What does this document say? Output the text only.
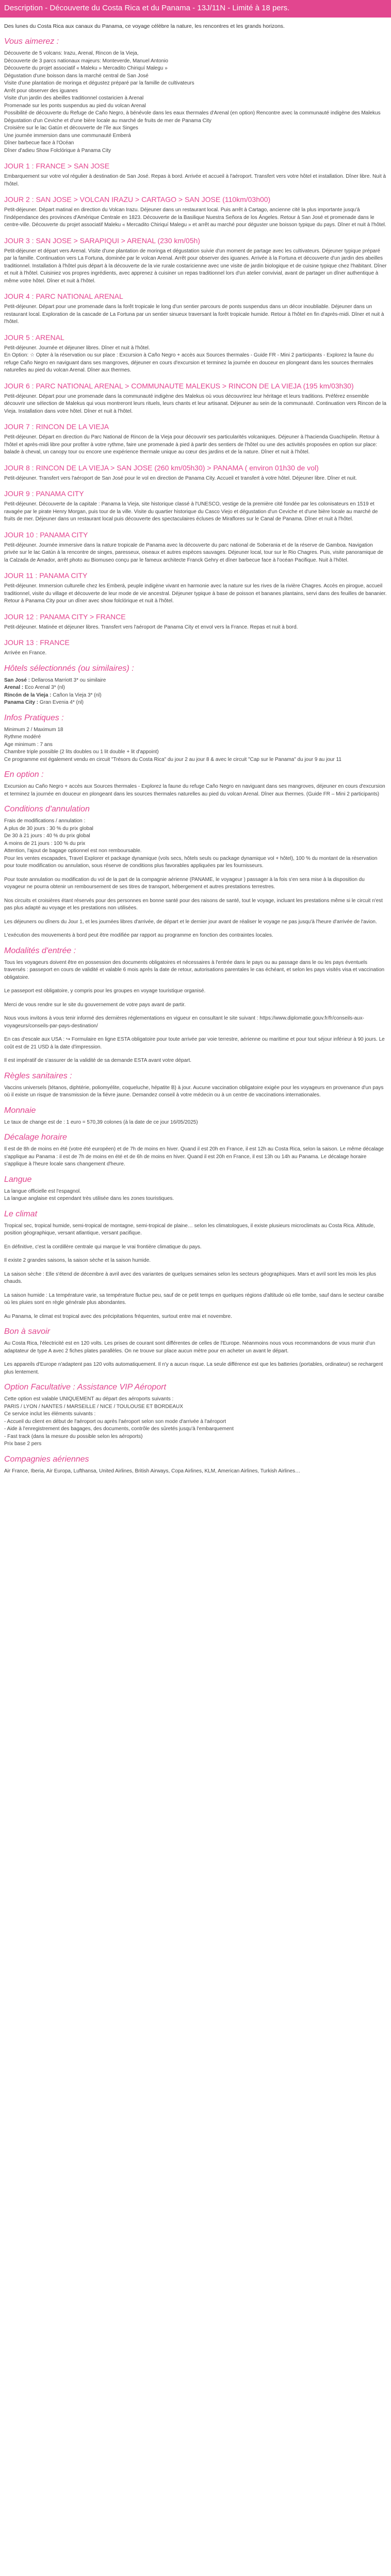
Description - Découverte du Costa Rica et du Panama - 13J/11N - Limité à 18 pers.

Des lunes du Costa Rica aux canaux du Panama, ce voyage célèbre la nature, les rencontres et les grands horizons.

Vous aimerez :

Découverte de 5 volcans: Irazu, Arenal, Rincon de la Vieja,

Découverte de 3 parcs nationaux majeurs: Monteverde, Manuel Antonio

Découverte du projet associatif « Maleku » Mercadito Chiriquí Malegu »

Dégustation d'une boisson dans la marché central de San José

Visite d'une plantation de moringa et dégustez préparé par la famille de cultivateurs

Arrêt pour observer des iguanes

Visite d'un jardin des abeilles traditionnel costaricien à Arenal

Promenade sur les ponts suspendus au pied du volcan Arenal

Possibilité de découverte du Refuge de Caño Negro, à bénévole dans les eaux thermales d'Arenal (en option) Rencontre avec la communauté indigène des Malekus

Dégustation d'un Ceviche et d'une bière locale au marché de fruits de mer de Panama City

Croisière sur le lac Gatún et découverte de l'île aux Singes

Une journée immersion dans une communauté Emberá

Dîner barbecue face à l'Océan

Dîner d'adieu Show Folclórique à Panama City

JOUR 1 : FRANCE > SAN JOSE

Embarquement sur votre vol régulier à destination de San José. Repas à bord. Arrivée et accueil à l'aéroport. Transfert vers votre hôtel et installation. Dîner libre. Nuit à l'hôtel.

JOUR 2 : SAN JOSE > VOLCAN IRAZU > CARTAGO > SAN JOSE (110km/03h00)

Petit-déjeuner. Départ matinal en direction du Volcan Irazu. Déjeuner dans un restaurant local. Puis arrêt à Cartago, ancienne cité la plus importante jusqu'à l'indépendance des provinces d'Amérique Centrale en 1823. Découverte de la Basilique Nuestra Señora de los Ángeles. Retour à San José et promenade dans le centre-ville. Découverte du projet associatif Maleku « Mercadito Chiriquí Malegu » et arrêt au marché pour déguster une boisson typique du pays. Dîner et nuit à l'hôtel.

JOUR 3 : SAN JOSE > SARAPIQUI > ARENAL (230 km/05h)

Petit-déjeuner et départ vers Arenal. Visite d'une plantation de moringa et dégustation suivie d'un moment de partage avec les cultivateurs. Déjeuner typique préparé par la famille. Continuation vers La Fortuna, dominée par le volcan Arenal. Arrêt pour observer des iguanes. Arrivée à la Fortuna et découverte d'un jardin des abeilles traditionnel. Installation à l'hôtel puis départ à la découverte de la vie rurale costaricienne avec une visite de jardin biologique et de cuisine typique chez l'habitant. Dîner et nuit à l'hôtel. Cuisiniez vos propres ingrédients, avec apprenez à cuisiner un repas traditionnel lors d'un atelier convivial, avant de partager un dîner authentique à même votre hôtel. Dîner et nuit à l'hôtel.

JOUR 4 : PARC NATIONAL ARENAL

Petit-déjeuner. Départ pour une promenade dans la forêt tropicale le long d'un sentier parcours de ponts suspendus dans un décor inoubliable. Déjeuner dans un restaurant local. Exploration de la cascade de La Fortuna par un sentier sinueux traversant la forêt tropicale humide. Retour à l'hôtel en fin d'après-midi. Dîner et nuit à l'hôtel.

JOUR 5 : ARENAL

Petit-déjeuner. Journée et déjeuner libres. Dîner et nuit à l'hôtel.
En Option: ☆ Opter à la réservation ou sur place : Excursion à Caño Negro + accès aux Sources thermales - Guide FR - Mini 2 participants - Explorez la faune du refuge Caño Negro en naviguant dans ses mangroves, déjeuner en cours d'excursion et terminez la journée en douceur en plongeant dans les sources thermales naturelles au pied du volcan Arenal. Dîner aux thermes.

JOUR 6 : PARC NATIONAL ARENAL > COMMUNAUTE MALEKUS > RINCON DE LA VIEJA (195 km/03h30)

Petit-déjeuner. Départ pour une promenade dans la communauté indigène des Malekus où vous découvrirez leur héritage et leurs traditions. Préférez ensemble découvrir une sélection de Malekus qui vous montreront leurs rituels, leurs chants et leur artisanat. Déjeuner au sein de la communauté. Continuation vers Rincon de la Vieja. Installation dans votre hôtel. Dîner et nuit à l'hôtel.

JOUR 7 : RINCON DE LA VIEJA

Petit-déjeuner. Départ en direction du Parc National de Rincon de la Vieja pour découvrir ses particularités volcaniques. Déjeuner à l'hacienda Guachipelin. Retour à l'hôtel et après-midi libre pour profiter à votre rythme, faire une promenade à pied à partir des sentiers de l'hôtel ou une des activités proposées en option sur place: balade à cheval, un canopy tour ou encore une expérience thermale unique au cœur des jardins et de la nature. Dîner et nuit à l'hôtel.

JOUR 8 : RINCON DE LA VIEJA > SAN JOSE (260 km/05h30) > PANAMA ( environ 01h30 de vol)

Petit-déjeuner. Transfert vers l'aéroport de San José pour le vol en direction de Panama City. Accueil et transfert à votre hôtel. Déjeuner libre. Dîner et nuit.

JOUR 9 : PANAMA CITY

Petit-déjeuner. Découverte de la capitale : Panama la Vieja, site historique classé à l'UNESCO, vestige de la première cité fondée par les colonisateurs en 1519 et ravagée par le pirate Henry Morgan, puis tour de la ville. Visite du quartier historique du Casco Viejo et dégustation d'un Ceviche et d'une bière locale au marché de fruits de mer. Déjeuner dans un restaurant local puis découverte des spectaculaires écluses de Miraflores sur le Canal de Panama. Dîner et nuit à l'hôtel.

JOUR 10 : PANAMA CITY

Petit-déjeuner. Journée immersive dans la nature tropicale de Panama avec la découverte du parc national de Soberania et de la réserve de Gamboa. Navigation privée sur le lac Gatún à la rencontre de singes, paresseux, oiseaux et autres espèces sauvages. Déjeuner local, tour sur le Rio Chagres. Puis, visite panoramique de la Calzada de Amador, arrêt photo au Biomuseo conçu par le fameux architecte Franck Gehry et dîner barbecue face à l'océan Pacifique. Nuit à l'hôtel.

JOUR 11 : PANAMA CITY

Petit-déjeuner. Immersion culturelle chez les Emberá, peuple indigène vivant en harmonie avec la nature sur les rives de la rivière Chagres. Accès en pirogue, accueil traditionnel, visite du village et découverte de leur mode de vie ancestral. Déjeuner typique à base de poisson et bananes plantains, servi dans des feuilles de bananier. Retour à Panama City pour un dîner avec show folclórique et nuit à l'hôtel.

JOUR 12 : PANAMA CITY > FRANCE

Petit-déjeuner. Matinée et déjeuner libres. Transfert vers l'aéroport de Panama City et envol vers la France. Repas et nuit à bord.

JOUR 13 : FRANCE

Arrivée en France.

Hôtels sélectionnés (ou similaires) :

San José : Dellarosa Marriott 3* ou similaire

Arenal : Eco Arenal 3* (nl)

Rincón de la Vieja : Cañon la Vieja 3* (nl)

Panama City : Gran Evenia 4* (nl)

Infos Pratiques :

Minimum 2 / Maximum 18

Rythme modéré

Age minimum : 7 ans

Chambre triple possible (2 lits doubles ou 1 lit double + lit d'appoint)

Ce programme est également vendu en circuit "Trésors du Costa Rica" du jour 2 au jour 8 & avec le circuit "Cap sur le Panama" du jour 9 au jour 11

En option :

Excursion au Caño Negro + accès aux Sources thermales - Explorez la faune du refuge Caño Negro en naviguant dans ses mangroves, déjeuner en cours d'excursion et terminez la journée en douceur en plongeant dans les sources thermales naturelles au pied du volcan Arenal. Dîner aux thermes. (Guide FR – Mini 2 participants)

Conditions d'annulation

Frais de modifications / annulation :

A plus de 30 jours : 30 % du prix global

De 30 à 21 jours : 40 % du prix global

A moins de 21 jours : 100 % du prix

Attention, l'ajout de bagage optionnel est non remboursable.

Pour les ventes escapades, Travel Explorer et package dynamique (vols secs, hôtels seuls ou package dynamique vol + hôtel), 100 % du montant de la réservation pour toute modification ou annulation, sous réserve de conditions plus favorables appliquées par les fournisseurs.

Pour toute annulation ou modification du vol de la part de la compagnie aérienne (PANAME, le voyageur ) passager à la fois s'en sera mise à la disposition du voyageur ne pourra obtenir un remboursement de ses titres de transport, hébergement et autres prestations terrestres.

Nos circuits et croisières étant réservés pour des personnes en bonne santé pour des raisons de santé, tout le voyage, incluant les prestations même si le circuit n'est pas plus adapté au voyage et les prestations non utilisées.

Les déjeuners ou dîners du Jour 1, et les journées libres d'arrivée, de départ et le dernier jour avant de réaliser le voyage ne pas jusqu'à l'heure d'arrivée de l'avion.

L'exécution des mouvements à bord peut être modifiée par rapport au programme en fonction des contraintes locales.

Modalités d'entrée :

Tous les voyageurs doivent être en possession des documents obligatoires et nécessaires à l'entrée dans le pays ou au passage dans le ou les pays éventuels traversés : passeport en cours de validité et valable 6 mois après la date de retour, autorisations parentales le cas échéant, et selon les pays visités visa et vaccination obligatoire.

Le passeport est obligatoire, y compris pour les groupes en voyage touristique organisé.

Merci de vous rendre sur le site du gouvernement de votre pays avant de partir.

Nous vous invitons à vous tenir informé des dernières réglementations en vigueur en consultant le site suivant : https://www.diplomatie.gouv.fr/fr/conseils-aux-voyageurs/conseils-par-pays-destination/

En cas d'escale aux USA : ↪ Formulaire en ligne ESTA obligatoire pour toute arrivée par voie terrestre, aérienne ou maritime et pour tout séjour inférieur à 90 jours. Le coût est de 21 USD à la date d'impression.

Il est impératif de s'assurer de la validité de sa demande ESTA avant votre départ.

Règles sanitaires :

Vaccins universels (tétanos, diphtérie, poliomyélite, coqueluche, hépatite B) à jour. Aucune vaccination obligatoire exigée pour les voyageurs en provenance d'un pays où il existe un risque de transmission de la fièvre jaune. Demandez conseil à votre médecin ou à un centre de vaccinations internationales.

Monnaie

Le taux de change est de : 1 euro = 570,39 colones (à la date de ce jour 16/05/2025)

Décalage horaire

Il est de 8h de moins en été (votre été européen) et de 7h de moins en hiver. Quand il est 20h en France, il est 12h au Costa Rica, selon la saison. Le même décalage s'applique au Panama : il est de 7h de moins en été et de 6h de moins en hiver. Quand il est 20h en France, il est 13h ou 14h au Panama. Le décalage horaire s'applique à l'heure locale sans changement d'heure.

Langue

La langue officielle est l'espagnol.

La langue anglaise est cependant très utilisée dans les zones touristiques.

Le climat

Tropical sec, tropical humide, semi-tropical de montagne, semi-tropical de plaine… selon les climatologues, il existe plusieurs microclimats au Costa Rica. Altitude, position géographique, versant atlantique, versant pacifique.

En définitive, c'est la cordillère centrale qui marque le vrai frontière climatique du pays.

Il existe 2 grandes saisons, la saison sèche et la saison humide.

La saison sèche : Elle s'étend de décembre à avril avec des variantes de quelques semaines selon les secteurs géographiques. Mars et avril sont les mois les plus chauds.

La saison humide : La température varie, sa température fluctue peu, sauf de ce petit temps en quelques régions d'altitude où elle tombe, sauf dans le secteur caraïbe où les pluies sont en règle générale plus abondantes.

Au Panama, le climat est tropical avec des précipitations fréquentes, surtout entre mai et novembre.

Bon à savoir

Au Costa Rica, l'électricité est en 120 volts. Les prises de courant sont différentes de celles de l'Europe. Néanmoins nous vous recommandons de vous munir d'un adaptateur de type A avec 2 fiches plates parallèles. On ne trouve sur place aucun mètre pour en acheter un avant le départ.

Les appareils d'Europe n'adaptent pas 120 volts automatiquement. Il n'y a aucun risque. La seule différence est que les batteries (portables, ordinateur) se rechargent plus lentement.

Option Facultative : Assistance VIP Aéroport

Cette option est valable UNIQUEMENT au départ des aéroports suivants :

PARIS / LYON / NANTES / MARSEILLE / NICE / TOULOUSE ET BORDEAUX

Ce service inclut les éléments suivants :

- Accueil du client en début de l'aéroport ou après l'aéroport selon son mode d'arrivée à l'aéroport

- Aide à l'enregistrement des bagages, des documents, contrôle des sûretés jusqu'à l'embarquement

- Fast track (dans la mesure du possible selon les aéroports)

Prix base 2 pers

Compagnies aériennes

Air France, Iberia, Air Europa, Lufthansa, United Airlines, British Airways, Copa Airlines, KLM, American Airlines, Turkish Airlines…
